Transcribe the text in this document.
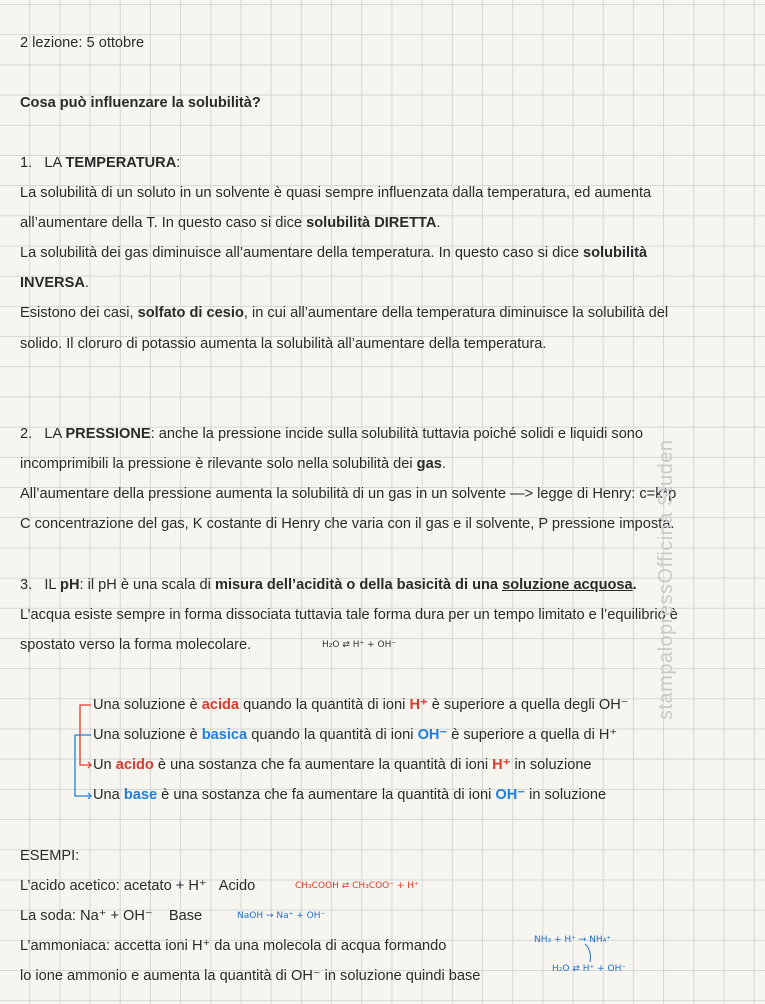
2 lezione: 5 ottobre
Cosa può influenzare la solubilità?
1. LA TEMPERATURA:
La solubilità di un soluto in un solvente è quasi sempre influenzata dalla temperatura, ed aumenta
all’aumentare della T. In questo caso si dice solubilità DIRETTA.
La solubilità dei gas diminuisce all’aumentare della temperatura. In questo caso si dice solubilità
INVERSA.
Esistono dei casi, solfato di cesio, in cui all’aumentare della temperatura diminuisce la solubilità del
solido. Il cloruro di potassio aumenta la solubilità all’aumentare della temperatura.
2. LA PRESSIONE: anche la pressione incide sulla solubilità tuttavia poiché solidi e liquidi sono
incomprimibili la pressione è rilevante solo nella solubilità dei gas.
All’aumentare della pressione aumenta la solubilità di un gas in un solvente —> legge di Henry: c=k*p
C concentrazione del gas, K costante di Henry che varia con il gas e il solvente, P pressione imposta.
3. IL pH: il pH è una scala di misura dell’acidità o della basicità di una soluzione acquosa.
L’acqua esiste sempre in forma dissociata tuttavia tale forma dura per un tempo limitato e l’equilibrio è
spostato verso la forma molecolare.	H₂O ⇄ H⁺ + OH⁻
Una soluzione è acida quando la quantità di ioni H⁺ è superiore a quella degli OH⁻
Una soluzione è basica quando la quantità di ioni OH⁻ è superiore a quella di H⁺
Un acido è una sostanza che fa aumentare la quantità di ioni H⁺ in soluzione
Una base è una sostanza che fa aumentare la quantità di ioni OH⁻ in soluzione
ESEMPI:
L’acido acetico: acetato + H⁺ Acido	CH₃COOH ⇄ CH₃COO⁻ + H⁺
La soda: Na⁺ + OH⁻ Base	NaOH → Na⁺ + OH⁻
L’ammoniaca: accetta ioni H⁺ da una molecola di acqua formando
lo ione ammonio e aumenta la quantità di OH⁻ in soluzione quindi base
NH₃ + H⁺ → NH₄⁺
H₂O ⇄ H⁺ + OH⁻
stampalopressOfficina Studen
